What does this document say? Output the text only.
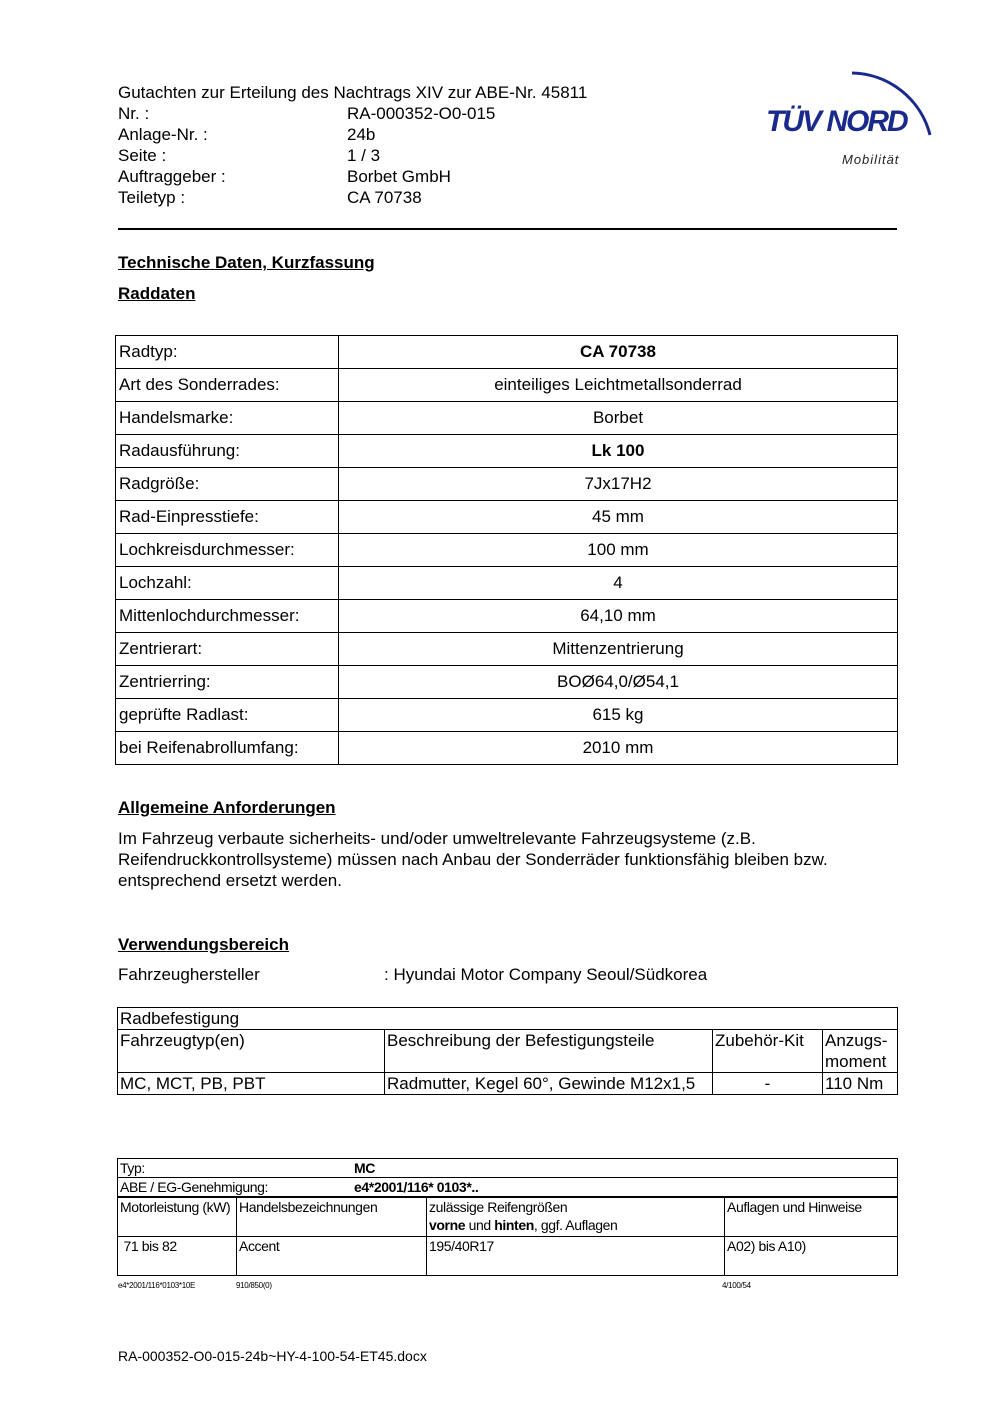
Gutachten zur Erteilung des Nachtrags XIV zur ABE-Nr. 45811
Nr. :	RA-000352-O0-015
Anlage-Nr. :	24b
Seite :	1 / 3
Auftraggeber :	Borbet GmbH
Teiletyp :	CA 70738
TÜV NORD
Mobilität
Technische Daten, Kurzfassung
Raddaten
Radtyp:	CA 70738
Art des Sonderrades:	einteiliges Leichtmetallsonderrad
Handelsmarke:	Borbet
Radausführung:	Lk 100
Radgröße:	7Jx17H2
Rad-Einpresstiefe:	45 mm
Lochkreisdurchmesser:	100 mm
Lochzahl:	4
Mittenlochdurchmesser:	64,10 mm
Zentrierart:	Mittenzentrierung
Zentrierring:	BOØ64,0/Ø54,1
geprüfte Radlast:	615 kg
bei Reifenabrollumfang:	2010 mm
Allgemeine Anforderungen
Im Fahrzeug verbaute sicherheits- und/oder umweltrelevante Fahrzeugsysteme (z.B. Reifendruckkontrollsysteme) müssen nach Anbau der Sonderräder funktionsfähig bleiben bzw. entsprechend ersetzt werden.
Verwendungsbereich
Fahrzeughersteller	: Hyundai Motor Company Seoul/Südkorea
Radbefestigung			
Fahrzeugtyp(en)	Beschreibung der Befestigungsteile	Zubehör-Kit	Anzugs-moment
MC, MCT, PB, PBT	Radmutter, Kegel 60°, Gewinde M12x1,5	-	110 Nm
Typ: MC			

ABE / EG-Genehmigung: e4*2001/116* 0103*..			

Motorleistung (kW)	Handelsbezeichnungen	zulässige Reifengrößen
vorne und hinten, ggf. Auflagen	Auflagen und Hinweise
71 bis 82	Accent	195/40R17	A02) bis A10)
e4*2001/116*0103*10E	910/850(0)	4/100/54
RA-000352-O0-015-24b~HY-4-100-54-ET45.docx
